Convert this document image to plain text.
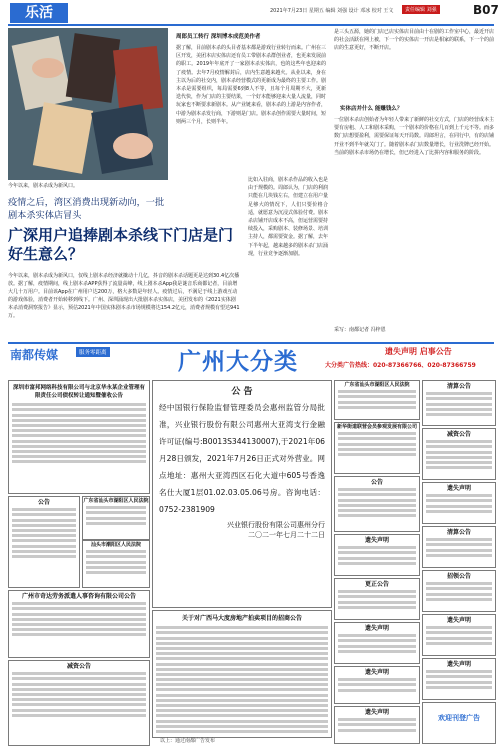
乐活	2021年7月23日 星期五 编辑 刘强 设计 邓冰 校对 王文	责任编辑 刘强	B07
今年以来，剧本杀成为新风口。
疫情之后，湾区消费出现新动向，一批剧本杀实体店冒头
广深用户追捧剧本杀线下门店是门好生意么？
今年以来，剧本杀成为新风口，仅线上剧本杀经济就撬动十几亿，抖音的剧本杀话题更是达到30.4亿次播放。据了解，疫情期间，线上剧本杀APP获得了流量高峰，线上剧本杀App我是谜音乐商都记者，目前增大几十万用户。目前该App在广州用户达200万，格大多数是年轻人。疫情过后，不满足于线上游戏互动的游戏体验，消费者开始转移到线下。广州、深圳涌现出大批剧本杀实体店，美团发布的《2021实体剧本杀消费洞察报告》显示，预估2021年中国实体剧本杀市场规模将达154.2亿元，消费者规模有望达941万。
周郎员工转行 深圳博本成范美作者
据了解，目前剧本杀的头目者基本都是游戏行业转行而来。广州在三区开发，美团本店实体店还有员工带剧本杀群创业者，也更来发展前的职工。2019年年底开了一家剧本杀实体店，也的这些年也迎来的了疫情。去年7月疫情解封后，店内生意越来越火。从业以来，身在主以为后的社交内，剧本杀经营模式的更新成为最终的主要工作。剧本杀是需要组织，每局需要6到8人不等，且每个月周期不大，更新迭代快，作为门店的主要结果，一个好本能够迎来大量人流量，同时玩家也不断要求新剧本。从产业链来看，剧本杀的上游是内容作者，中游为剧本杀发行商，下游则是门店。剧本杀创作需要大量时间，短则两三个月，长则半年。
比如入驻商，剧本杀作品的收入也是由于规模的。周郎认为，门店的利润只能在几块钱左右，但建立在用户量足够大的情况下，人们只要价格合适，就愿意为沉浸式体验付费。剧本杀店铺开店成本不高，但运营需要持续投入，采购剧本、装修场景、培训主持人，都需要资金。据了解，去年下半年起，越来越多的剧本杀门店涌现，行业竞争逐渐加剧。
是三头五源，她的门店已店实体店目前由十在剧的工作室中心，最近开店的社会活跃在网上被，下一个的实体店一开店是相家的联系，下一个的前店的生意更好，不断开店。
实体店并什么 能赚钱么？
一位剧本杀店创始者为年轻人带来了新鲜的社交方式，门店的经营成本主要有房租、人工和剧本采购，一个剧本的价格在几百到上千元不等。而多数门店想要盈利，需要保证每天开局数。周郎坦言，在同行中，有的店铺开业不到半年就关门了。随着剧本杀门店数量增长，行业洗牌已经开始。当前的剧本杀市场仍在增长，但已经进入了比拼内容和服务的阶段。
采写：南都记者 冯梓恩
南都传媒	服务零距离	广州大分类	遗失声明 启事公告
大分类广告热线：020-87366766、020-87366759
深圳市富邦网络科技有限公司与北京华永某企业管理有限责任公司债权转让通知暨催收公告
公告	广东省汕头市湖阳区人民法院
汕头市潮阳区人民法院
广州市奇达劳务派遣人事咨询有限公司公告
减资公告
公 告
经中国银行保险监督管理委员会惠州监管分局批准，兴业银行股份有限公司惠州大亚湾支行金融许可证(编号:B0013S344130007),于2021年06月28日颁发，2021年7月26日正式对外营业。网点地址：惠州大亚湾西区石化大道中605号香逸名仕大厦1层01.02.03.05.06号房。咨询电话：0752-2381909
兴业银行股份有限公司惠州分行
二〇二一年七月二十二日
关于对广西马大度房地产拍卖项目的招商公告
以上：通过南都广告发布
广东省汕头市湖阳区人民法院
新华街道联营会员参观发展有限公司
公告
遗失声明
更正公告
遗失声明
遗失声明
遗失声明
清算公告
减资公告
遗失声明
清算公告
招领公告
遗失声明
遗失声明
欢迎刊登广告
